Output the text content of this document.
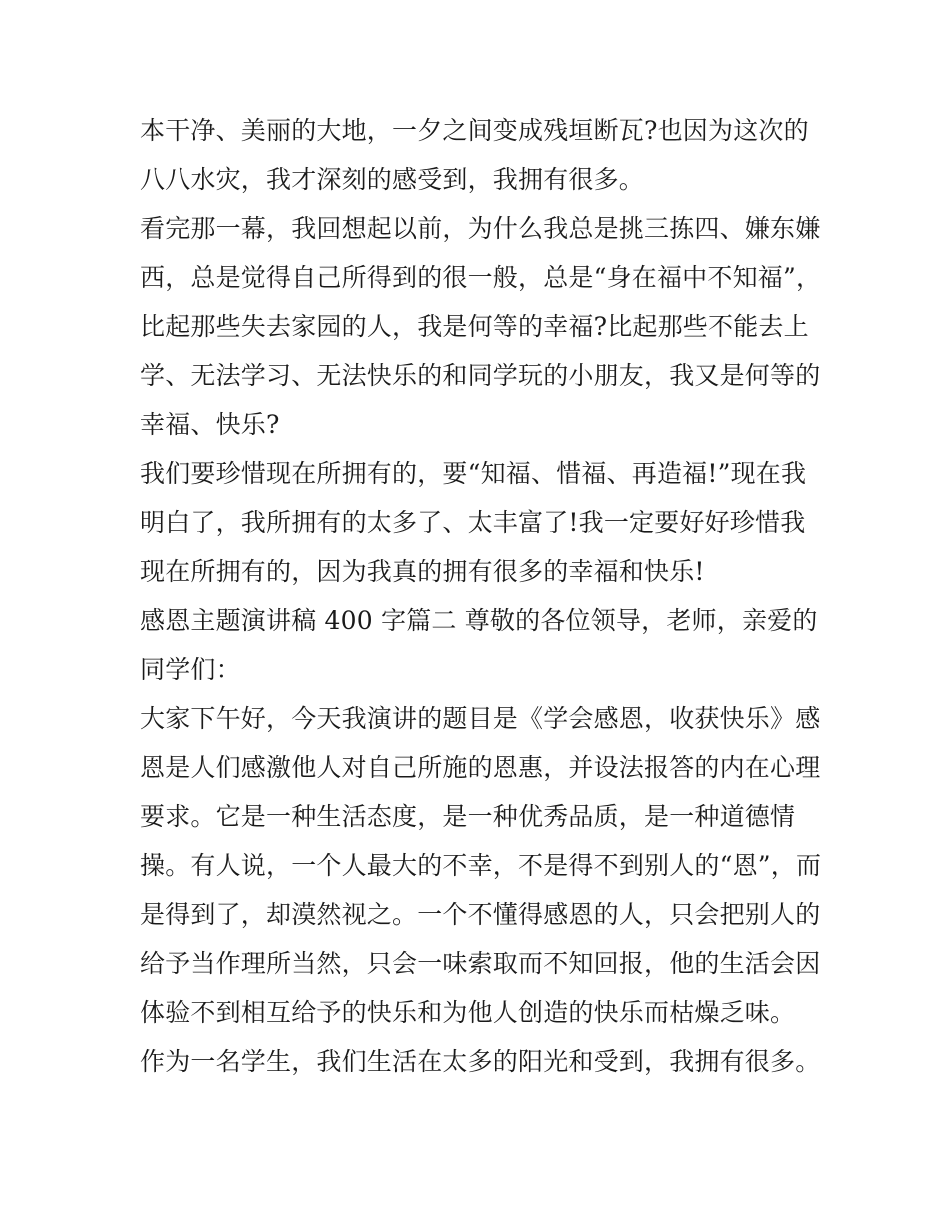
本干净、美丽的大地，一夕之间变成残垣断瓦?也因为这次的
八八水灾，我才深刻的感受到，我拥有很多。
看完那一幕，我回想起以前，为什么我总是挑三拣四、嫌东嫌
西，总是觉得自己所得到的很一般，总是“身在福中不知福”，
比起那些失去家园的人，我是何等的幸福?比起那些不能去上
学、无法学习、无法快乐的和同学玩的小朋友，我又是何等的
幸福、快乐?
我们要珍惜现在所拥有的，要“知福、惜福、再造福!”现在我
明白了，我所拥有的太多了、太丰富了!我一定要好好珍惜我
现在所拥有的，因为我真的拥有很多的幸福和快乐!
感恩主题演讲稿 400 字篇二 尊敬的各位领导，老师，亲爱的
同学们：
大家下午好，今天我演讲的题目是《学会感恩，收获快乐》感
恩是人们感激他人对自己所施的恩惠，并设法报答的内在心理
要求。它是一种生活态度，是一种优秀品质，是一种道德情
操。有人说，一个人最大的不幸，不是得不到别人的“恩”，而
是得到了，却漠然视之。一个不懂得感恩的人，只会把别人的
给予当作理所当然，只会一味索取而不知回报，他的生活会因
体验不到相互给予的快乐和为他人创造的快乐而枯燥乏味。
作为一名学生，我们生活在太多的阳光和受到，我拥有很多。
